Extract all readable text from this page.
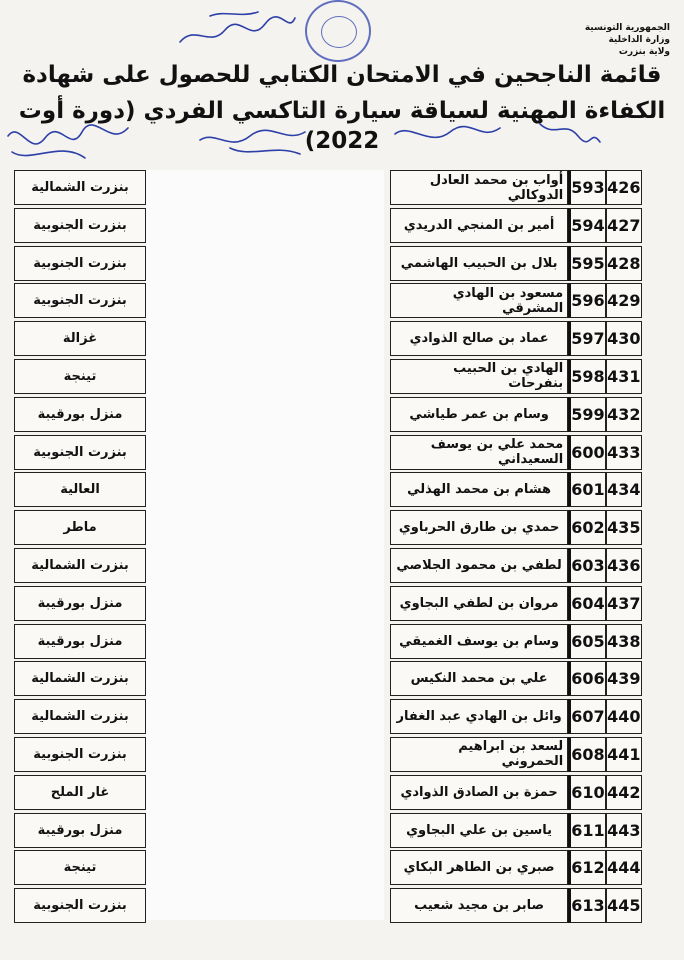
الجمهورية التونسية
وزارة الداخلية
ولاية بنزرت
قائمة الناجحين في الامتحان الكتابي للحصول على شهادة
الكفاءة المهنية لسياقة سيارة التاكسي الفردي (دورة أوت 2022)
426
593
أواب بن محمد العادل الدوكالي
427
594
أمير بن المنجي الدريدي
428
595
بلال بن الحبيب الهاشمي
429
596
مسعود بن الهادي المشرقي
430
597
عماد بن صالح الذوادي
431
598
الهادي بن الحبيب بنفرحات
432
599
وسام بن عمر طياشي
433
600
محمد علي بن يوسف السعيداني
434
601
هشام بن محمد الهذلي
435
602
حمدي بن طارق الحرباوي
436
603
لطفي بن محمود الجلاصي
437
604
مروان بن لطفي البجاوي
438
605
وسام بن يوسف الغميقي
439
606
علي بن محمد النكيس
440
607
وائل بن الهادي عبد الغفار
441
608
لسعد بن ابراهيم الحمروني
442
610
حمزة بن الصادق الذوادي
443
611
ياسين بن علي البجاوي
444
612
صبري بن الطاهر البكاي
445
613
صابر بن مجيد شعيب
بنزرت الشمالية
بنزرت الجنوبية
بنزرت الجنوبية
بنزرت الجنوبية
غزالة
تينجة
منزل بورقيبة
بنزرت الجنوبية
العالية
ماطر
بنزرت الشمالية
منزل بورقيبة
منزل بورقيبة
بنزرت الشمالية
بنزرت الشمالية
بنزرت الجنوبية
غار الملح
منزل بورقيبة
تينجة
بنزرت الجنوبية
